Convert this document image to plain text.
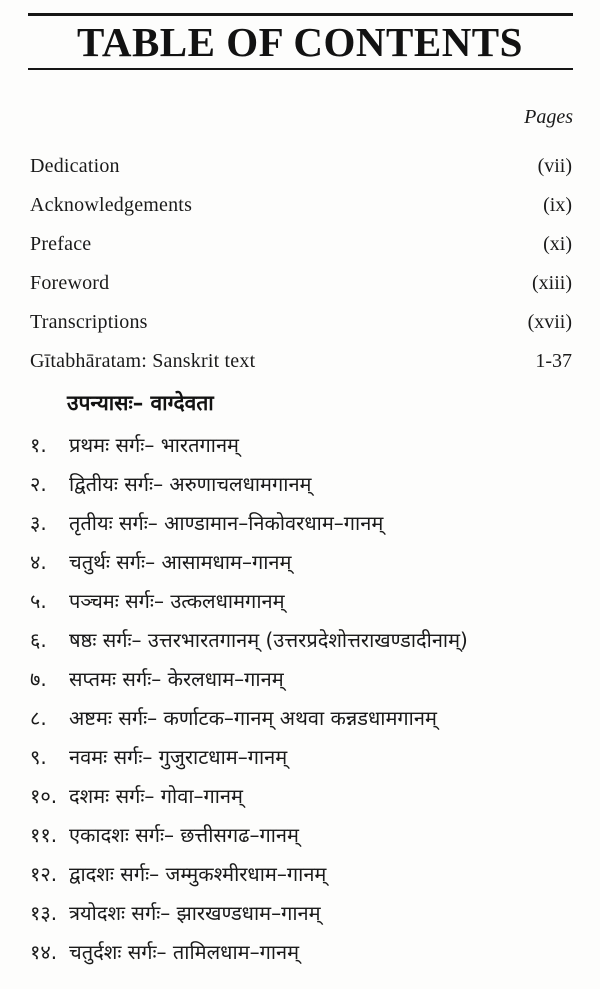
TABLE OF CONTENTS
Pages
Dedication	(vii)
Acknowledgements	(ix)
Preface	(xi)
Foreword	(xiii)
Transcriptions	(xvii)
Gītabhāratam: Sanskrit text	1-37
उपन्यासः– वाग्देवता
१.	प्रथमः सर्गः– भारतगानम्
२.	द्वितीयः सर्गः– अरुणाचलधामगानम्
३.	तृतीयः सर्गः– आण्डामान–निकोवरधाम–गानम्
४.	चतुर्थः सर्गः– आसामधाम–गानम्
५.	पञ्चमः सर्गः– उत्कलधामगानम्
६.	षष्ठः सर्गः– उत्तरभारतगानम् (उत्तरप्रदेशोत्तराखण्डादीनाम्)
७.	सप्तमः सर्गः– केरलधाम–गानम्
८.	अष्टमः सर्गः– कर्णाटक–गानम् अथवा कन्नडधामगानम्
९.	नवमः सर्गः– गुजुराटधाम–गानम्
१०. दशमः सर्गः– गोवा–गानम्
११. एकादशः सर्गः– छत्तीसगढ–गानम्
१२. द्वादशः सर्गः– जम्मुकश्मीरधाम–गानम्
१३. त्रयोदशः सर्गः– झारखण्डधाम–गानम्
१४. चतुर्दशः सर्गः– तामिलधाम–गानम्
